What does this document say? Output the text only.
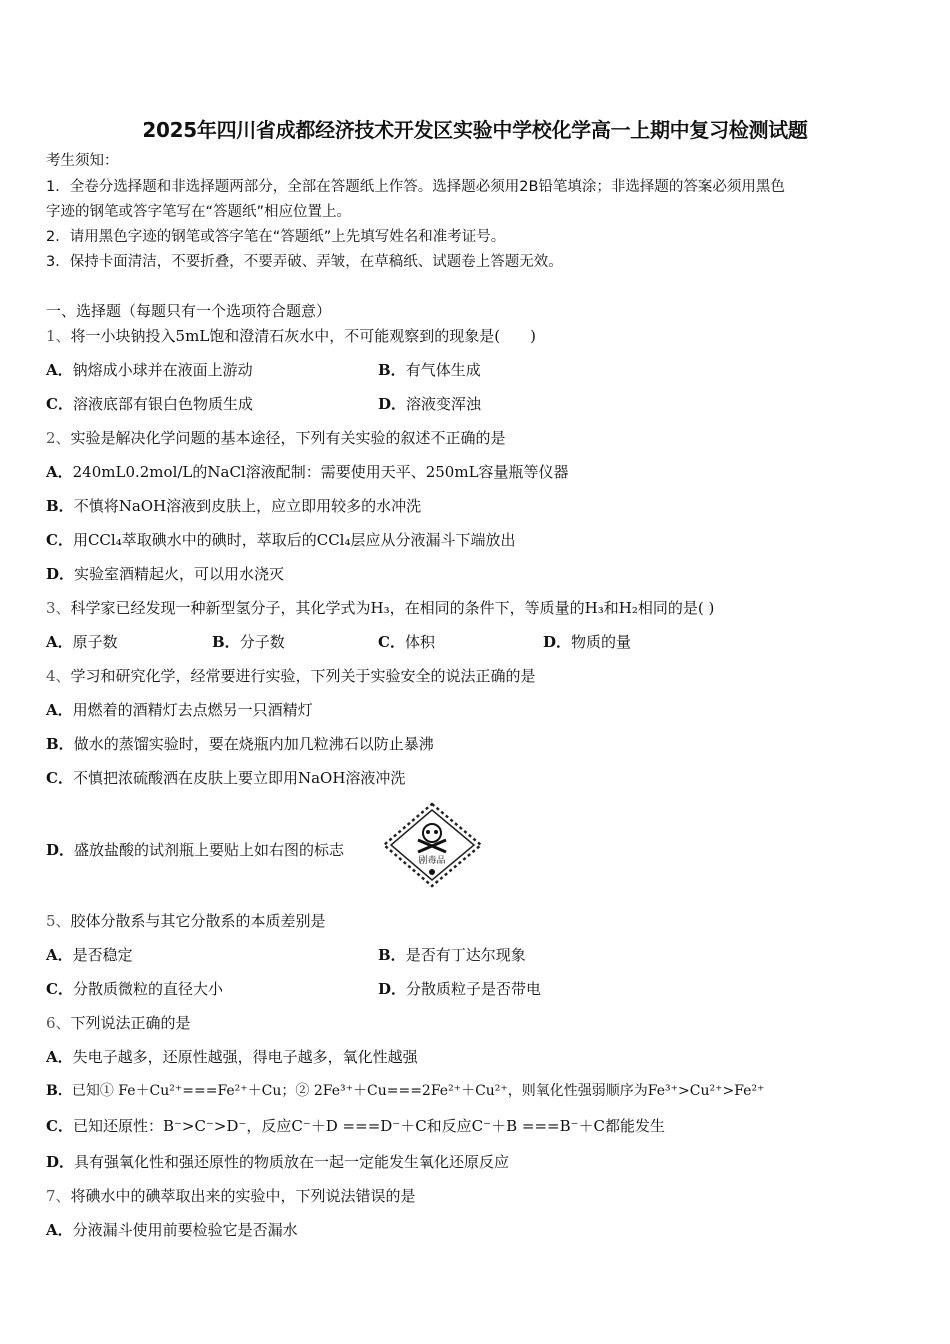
2025年四川省成都经济技术开发区实验中学校化学高一上期中复习检测试题
考生须知：
1．全卷分选择题和非选择题两部分，全部在答题纸上作答。选择题必须用2B铅笔填涂；非选择题的答案必须用黑色
字迹的钢笔或答字笔写在“答题纸”相应位置上。
2．请用黑色字迹的钢笔或答字笔在“答题纸”上先填写姓名和准考证号。
3．保持卡面清洁，不要折叠，不要弄破、弄皱，在草稿纸、试题卷上答题无效。
一、选择题（每题只有一个选项符合题意）
1、将一小块钠投入5mL饱和澄清石灰水中，不可能观察到的现象是(　　)
A．钠熔成小球并在液面上游动	B．有气体生成
C．溶液底部有银白色物质生成	D．溶液变浑浊
2、实验是解决化学问题的基本途径，下列有关实验的叙述不正确的是
A．240mL0.2mol/L的NaCl溶液配制：需要使用天平、250mL容量瓶等仪器
B．不慎将NaOH溶液到皮肤上，应立即用较多的水冲洗
C．用CCl₄萃取碘水中的碘时，萃取后的CCl₄层应从分液漏斗下端放出
D．实验室酒精起火，可以用水浇灭
3、科学家已经发现一种新型氢分子，其化学式为H₃，在相同的条件下，等质量的H₃和H₂相同的是( )
A．原子数	B．分子数	C．体积	D．物质的量
4、学习和研究化学，经常要进行实验，下列关于实验安全的说法正确的是
A．用燃着的酒精灯去点燃另一只酒精灯
B．做水的蒸馏实验时，要在烧瓶内加几粒沸石以防止暴沸
C．不慎把浓硫酸洒在皮肤上要立即用NaOH溶液冲洗
D．盛放盐酸的试剂瓶上要贴上如右图的标志
剧毒品
5、胶体分散系与其它分散系的本质差别是
A．是否稳定	B．是否有丁达尔现象
C．分散质微粒的直径大小	D．分散质粒子是否带电
6、下列说法正确的是
A．失电子越多，还原性越强，得电子越多，氧化性越强
B．已知① Fe＋Cu²⁺===Fe²⁺＋Cu；② 2Fe³⁺＋Cu===2Fe²⁺＋Cu²⁺，则氧化性强弱顺序为Fe³⁺>Cu²⁺>Fe²⁺
C．已知还原性：B⁻>C⁻>D⁻，反应C⁻＋D ===D⁻＋C和反应C⁻＋B ===B⁻＋C都能发生
D．具有强氧化性和强还原性的物质放在一起一定能发生氧化还原反应
7、将碘水中的碘萃取出来的实验中，下列说法错误的是
A．分液漏斗使用前要检验它是否漏水
